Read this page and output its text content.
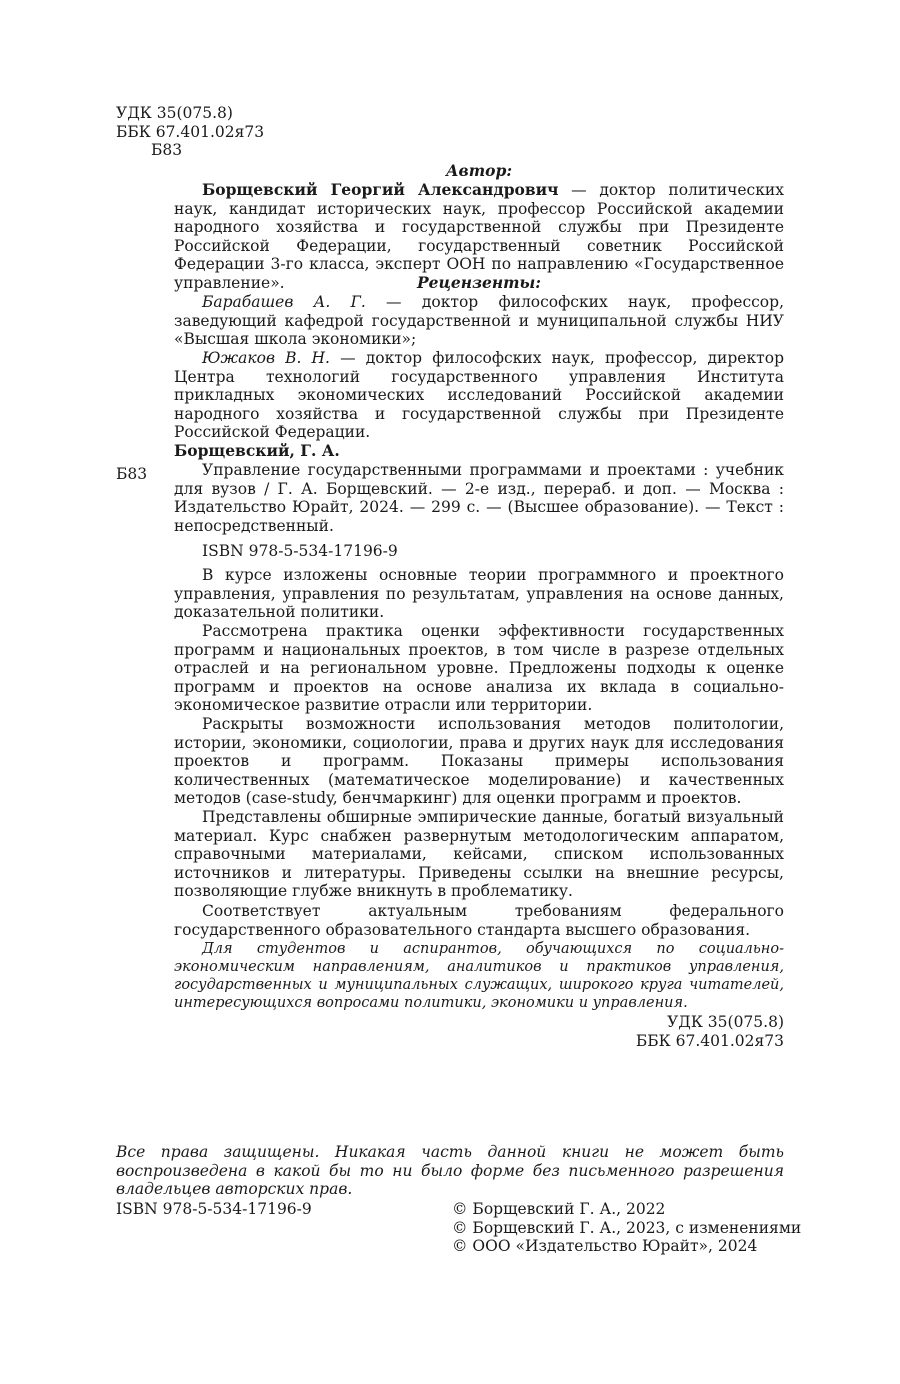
УДК 35(075.8)
ББК 67.401.02я73
Б83
Автор:

Борщевский Георгий Александрович — доктор политических наук, кандидат исторических наук, профессор Российской академии народного хозяйства и государственной службы при Президенте Российской Федерации, государственный советник Российской Федерации 3-го класса, эксперт ООН по направлению «Государственное управление».	Рецензенты:

Барабашев А. Г. — доктор философских наук, профессор, заведующий кафедрой государственной и муниципальной службы НИУ «Высшая школа экономики»;

Южаков В. Н. — доктор философских наук, профессор, директор Центра технологий государственного управления Института прикладных экономических исследований Российской академии народного хозяйства и государственной службы при Президенте Российской Федерации.

Борщевский, Г. А.
Б83	Управление государственными программами и проектами : учебник для вузов / Г. А. Борщевский. — 2-е изд., перераб. и доп. — Москва : Издательство Юрайт, 2024. — 299 с. — (Высшее образование). — Текст : непосредственный.

ISBN 978-5-534-17196-9

В курсе изложены основные теории программного и проектного управления, управления по результатам, управления на основе данных, доказательной политики.

Рассмотрена практика оценки эффективности государственных программ и национальных проектов, в том числе в разрезе отдельных отраслей и на региональном уровне. Предложены подходы к оценке программ и проектов на основе анализа их вклада в социально-экономическое развитие отрасли или территории.

Раскрыты возможности использования методов политологии, истории, экономики, социологии, права и других наук для исследования проектов и программ. Показаны примеры использования количественных (математическое моделирование) и качественных методов (case-study, бенчмаркинг) для оценки программ и проектов.

Представлены обширные эмпирические данные, богатый визуальный материал. Курс снабжен развернутым методологическим аппаратом, справочными материалами, кейсами, списком использованных источников и литературы. Приведены ссылки на внешние ресурсы, позволяющие глубже вникнуть в проблематику.

Соответствует актуальным требованиям федерального государственного образовательного стандарта высшего образования.

Для студентов и аспирантов, обучающихся по социально-экономическим направлениям, аналитиков и практиков управления, государственных и муниципальных служащих, широкого круга читателей, интересующихся вопросами политики, экономики и управления.

УДК 35(075.8)
ББК 67.401.02я73

Все права защищены. Никакая часть данной книги не может быть воспроизведена в какой бы то ни было форме без письменного разрешения владельцев авторских прав.

ISBN 978-5-534-17196-9	© Борщевский Г. А., 2022
© Борщевский Г. А., 2023, с изменениями
© ООО «Издательство Юрайт», 2024
